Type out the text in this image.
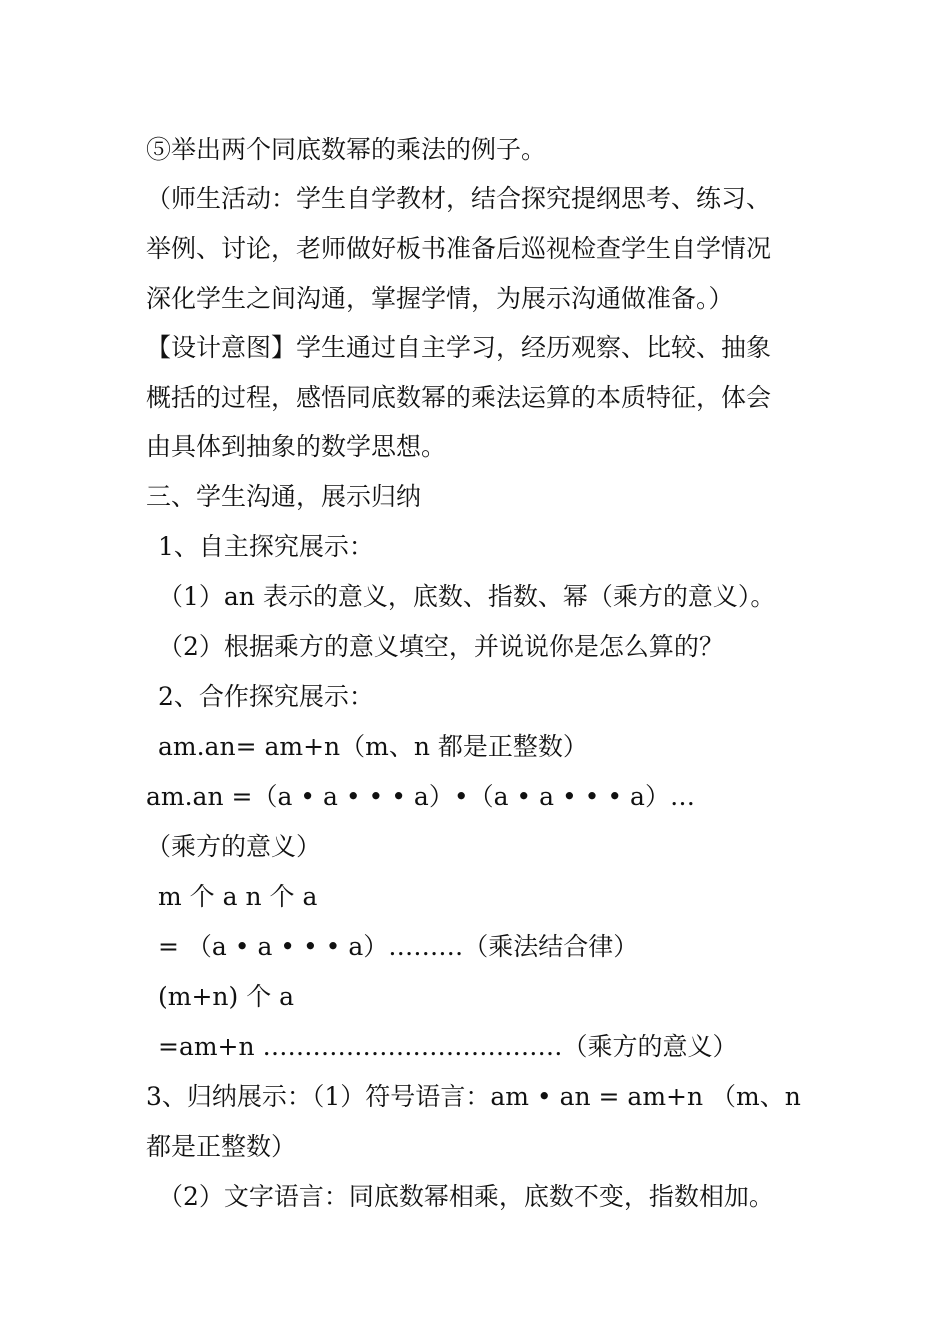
⑤举出两个同底数幂的乘法的例子。
（师生活动：学生自学教材，结合探究提纲思考、练习、
举例、讨论，老师做好板书准备后巡视检查学生自学情况
深化学生之间沟通，掌握学情，为展示沟通做准备。）
【设计意图】学生通过自主学习，经历观察、比较、抽象
概括的过程，感悟同底数幂的乘法运算的本质特征，体会
由具体到抽象的数学思想。
三、学生沟通，展示归纳
1、自主探究展示：
（1）an 表示的意义，底数、指数、幂（乘方的意义）。
（2）根据乘方的意义填空，并说说你是怎么算的？
2、合作探究展示：
am.an= am+n（m、n 都是正整数）
am.an =（a • a • • • a）•（a • a • • • a）…
（乘方的意义）
m 个 a n 个 a
= （a • a • • • a）………（乘法结合律）
(m+n) 个 a
=am+n ………………………………（乘方的意义）
3、归纳展示：（1）符号语言：am • an = am+n （m、n
都是正整数）
（2）文字语言：同底数幂相乘，底数不变，指数相加。
